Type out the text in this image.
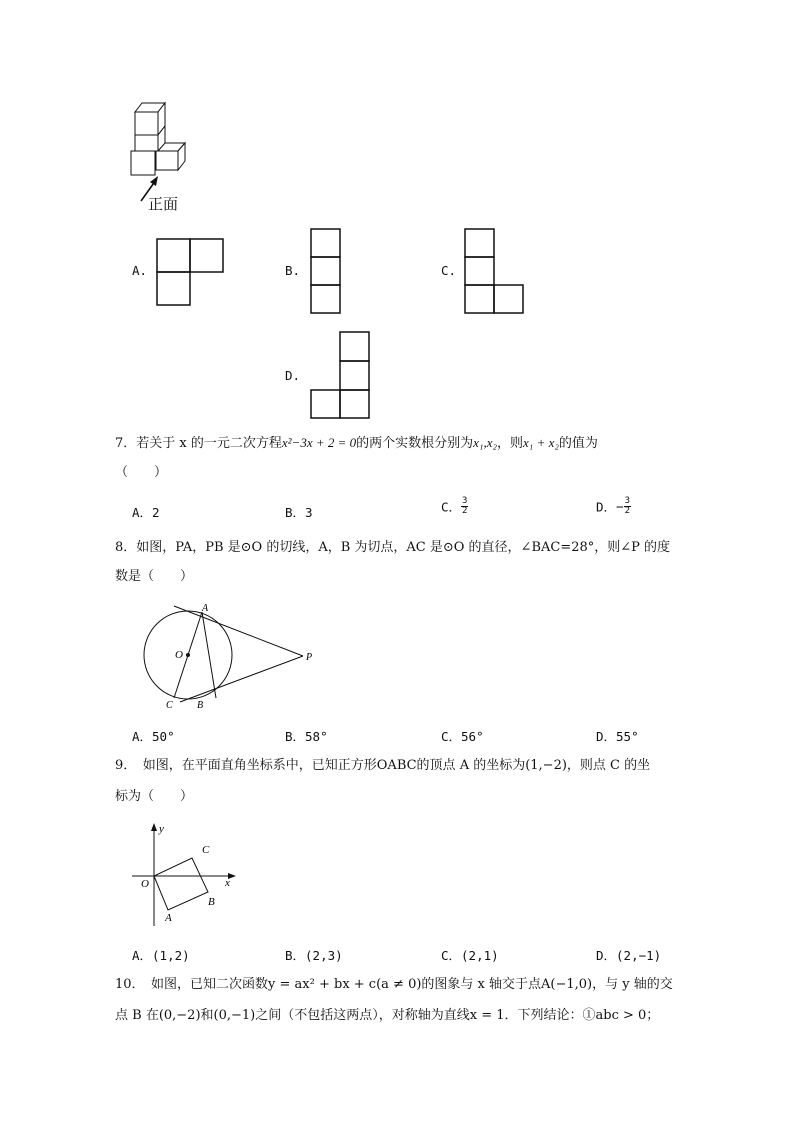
正面
A.	B.	C.
D.
7．若关于 x 的一元二次方程x²−3x + 2 = 0的两个实数根分别为x₁,x₂，则x₁ + x₂的值为
（　　）
A．2	B．3	C． $\frac{3}{2}$	D．− $\frac{3}{2}$
8．如图，PA，PB 是⊙O 的切线，A，B 为切点，AC 是⊙O 的直径，∠BAC=28°，则∠P 的度
数是（　　）
A
O	P
C B
A．50°	B．58°	C．56°	D．55°
9．　如图，在平面直角坐标系中，已知正方形OABC的顶点 A 的坐标为(1,−2)，则点 C 的坐
标为（　　）
y
x
O
A
B
C
A．(1,2)	B．(2,3)	C．(2,1)	D．(2,−1)
10．　如图，已知二次函数y = ax² + bx + c(a ≠ 0)的图象与 x 轴交于点A(−1,0)，与 y 轴的交
点 B 在(0,−2)和(0,−1)之间（不包括这两点），对称轴为直线x = 1．下列结论：①abc > 0；
